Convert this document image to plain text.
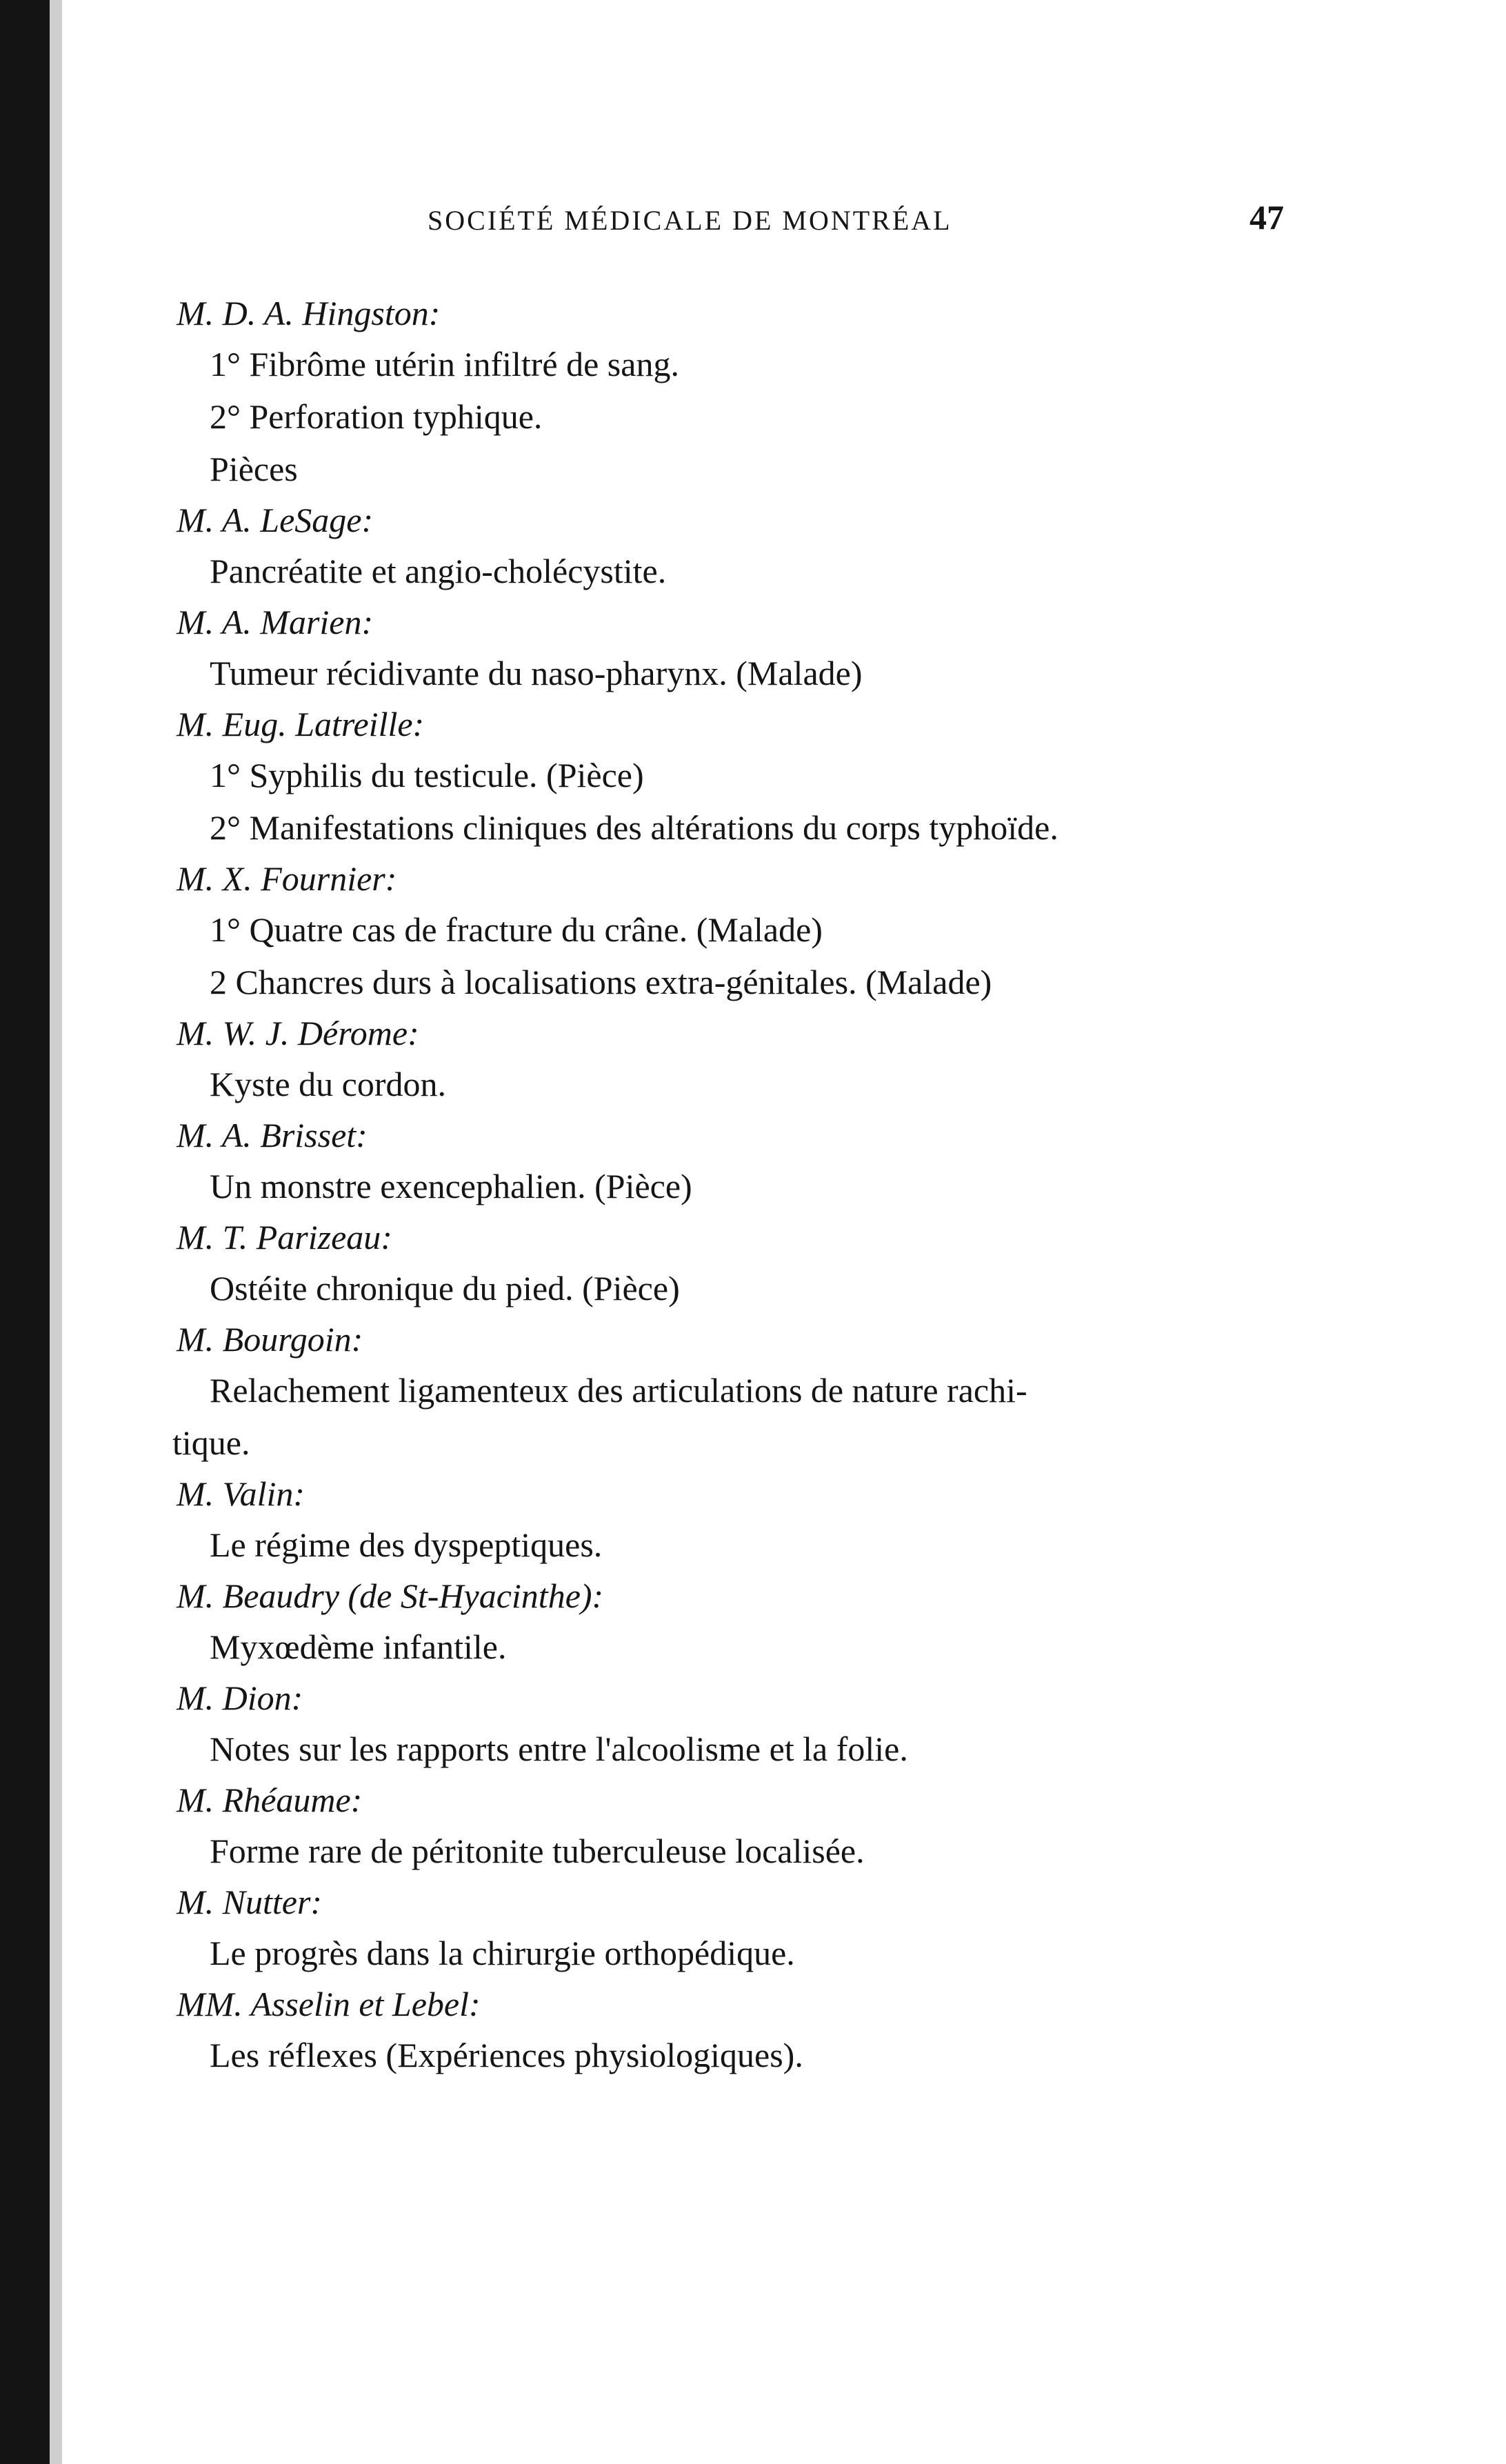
SOCIÉTÉ MÉDICALE DE MONTRÉAL	47
M. D. A. Hingston:
1° Fibrôme utérin infiltré de sang.
2° Perforation typhique.
Pièces
M. A. LeSage:
Pancréatite et angio-cholécystite.
M. A. Marien:
Tumeur récidivante du naso-pharynx. (Malade)
M. Eug. Latreille:
1° Syphilis du testicule. (Pièce)
2° Manifestations cliniques des altérations du corps typhoïde.
M. X. Fournier:
1° Quatre cas de fracture du crâne. (Malade)
2 Chancres durs à localisations extra-génitales. (Malade)
M. W. J. Dérome:
Kyste du cordon.
M. A. Brisset:
Un monstre exencephalien. (Pièce)
M. T. Parizeau:
Ostéite chronique du pied. (Pièce)
M. Bourgoin:
Relachement ligamenteux des articulations de nature rachi-
tique.
M. Valin:
Le régime des dyspeptiques.
M. Beaudry (de St-Hyacinthe):
Myxœdème infantile.
M. Dion:
Notes sur les rapports entre l'alcoolisme et la folie.
M. Rhéaume:
Forme rare de péritonite tuberculeuse localisée.
M. Nutter:
Le progrès dans la chirurgie orthopédique.
MM. Asselin et Lebel:
Les réflexes (Expériences physiologiques).
